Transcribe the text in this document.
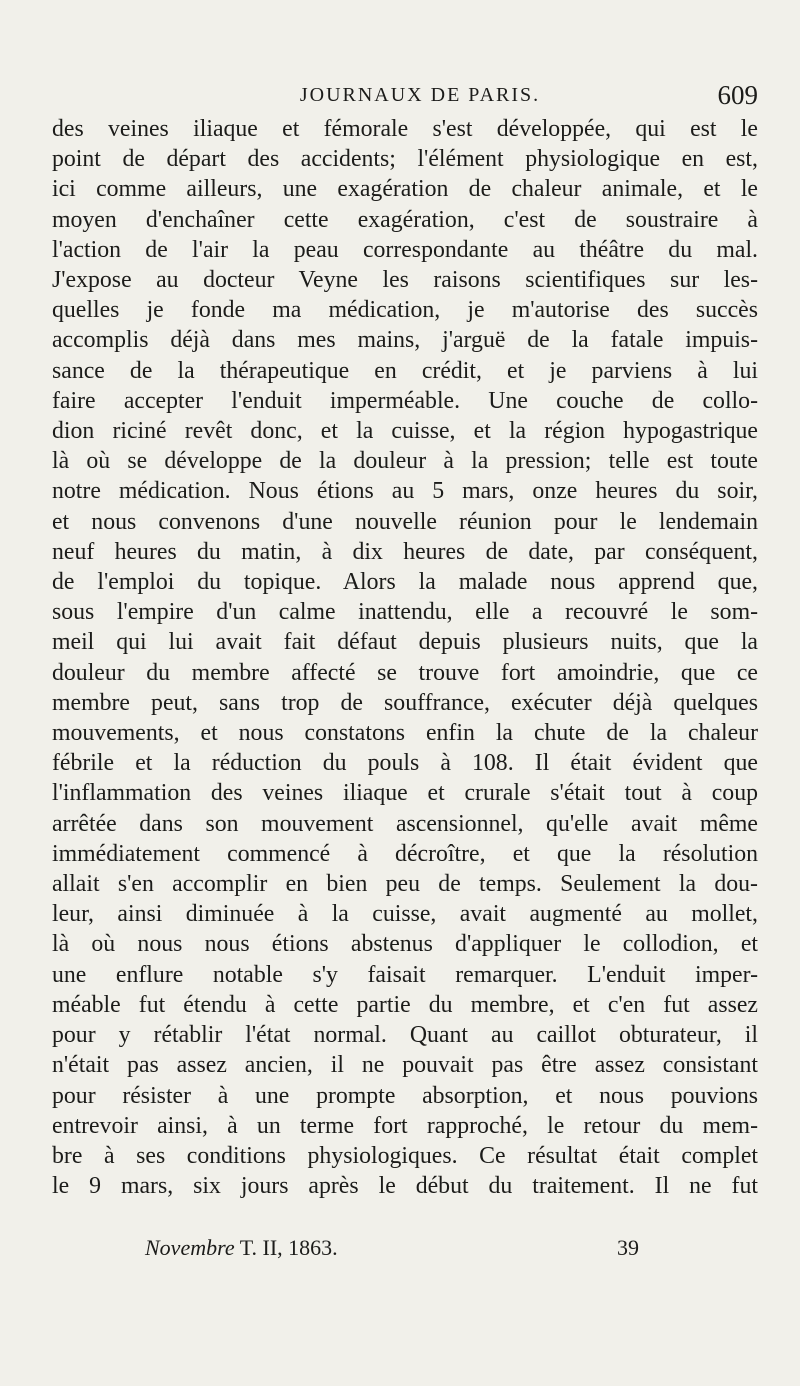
JOURNAUX DE PARIS.	609
des veines iliaque et fémorale s'est développée, qui est le
point de départ des accidents; l'élément physiologique en est,
ici comme ailleurs, une exagération de chaleur animale, et le
moyen d'enchaîner cette exagération, c'est de soustraire à
l'action de l'air la peau correspondante au théâtre du mal.
J'expose au docteur Veyne les raisons scientifiques sur les-
quelles je fonde ma médication, je m'autorise des succès
accomplis déjà dans mes mains, j'arguë de la fatale impuis-
sance de la thérapeutique en crédit, et je parviens à lui
faire accepter l'enduit imperméable. Une couche de collo-
dion riciné revêt donc, et la cuisse, et la région hypogastrique
là où se développe de la douleur à la pression; telle est toute
notre médication. Nous étions au 5 mars, onze heures du soir,
et nous convenons d'une nouvelle réunion pour le lendemain
neuf heures du matin, à dix heures de date, par conséquent,
de l'emploi du topique. Alors la malade nous apprend que,
sous l'empire d'un calme inattendu, elle a recouvré le som-
meil qui lui avait fait défaut depuis plusieurs nuits, que la
douleur du membre affecté se trouve fort amoindrie, que ce
membre peut, sans trop de souffrance, exécuter déjà quelques
mouvements, et nous constatons enfin la chute de la chaleur
fébrile et la réduction du pouls à 108. Il était évident que
l'inflammation des veines iliaque et crurale s'était tout à coup
arrêtée dans son mouvement ascensionnel, qu'elle avait même
immédiatement commencé à décroître, et que la résolution
allait s'en accomplir en bien peu de temps. Seulement la dou-
leur, ainsi diminuée à la cuisse, avait augmenté au mollet,
là où nous nous étions abstenus d'appliquer le collodion, et
une enflure notable s'y faisait remarquer. L'enduit imper-
méable fut étendu à cette partie du membre, et c'en fut assez
pour y rétablir l'état normal. Quant au caillot obturateur, il
n'était pas assez ancien, il ne pouvait pas être assez consistant
pour résister à une prompte absorption, et nous pouvions
entrevoir ainsi, à un terme fort rapproché, le retour du mem-
bre à ses conditions physiologiques. Ce résultat était complet
le 9 mars, six jours après le début du traitement. Il ne fut
Novembre T. II, 1863.	39
